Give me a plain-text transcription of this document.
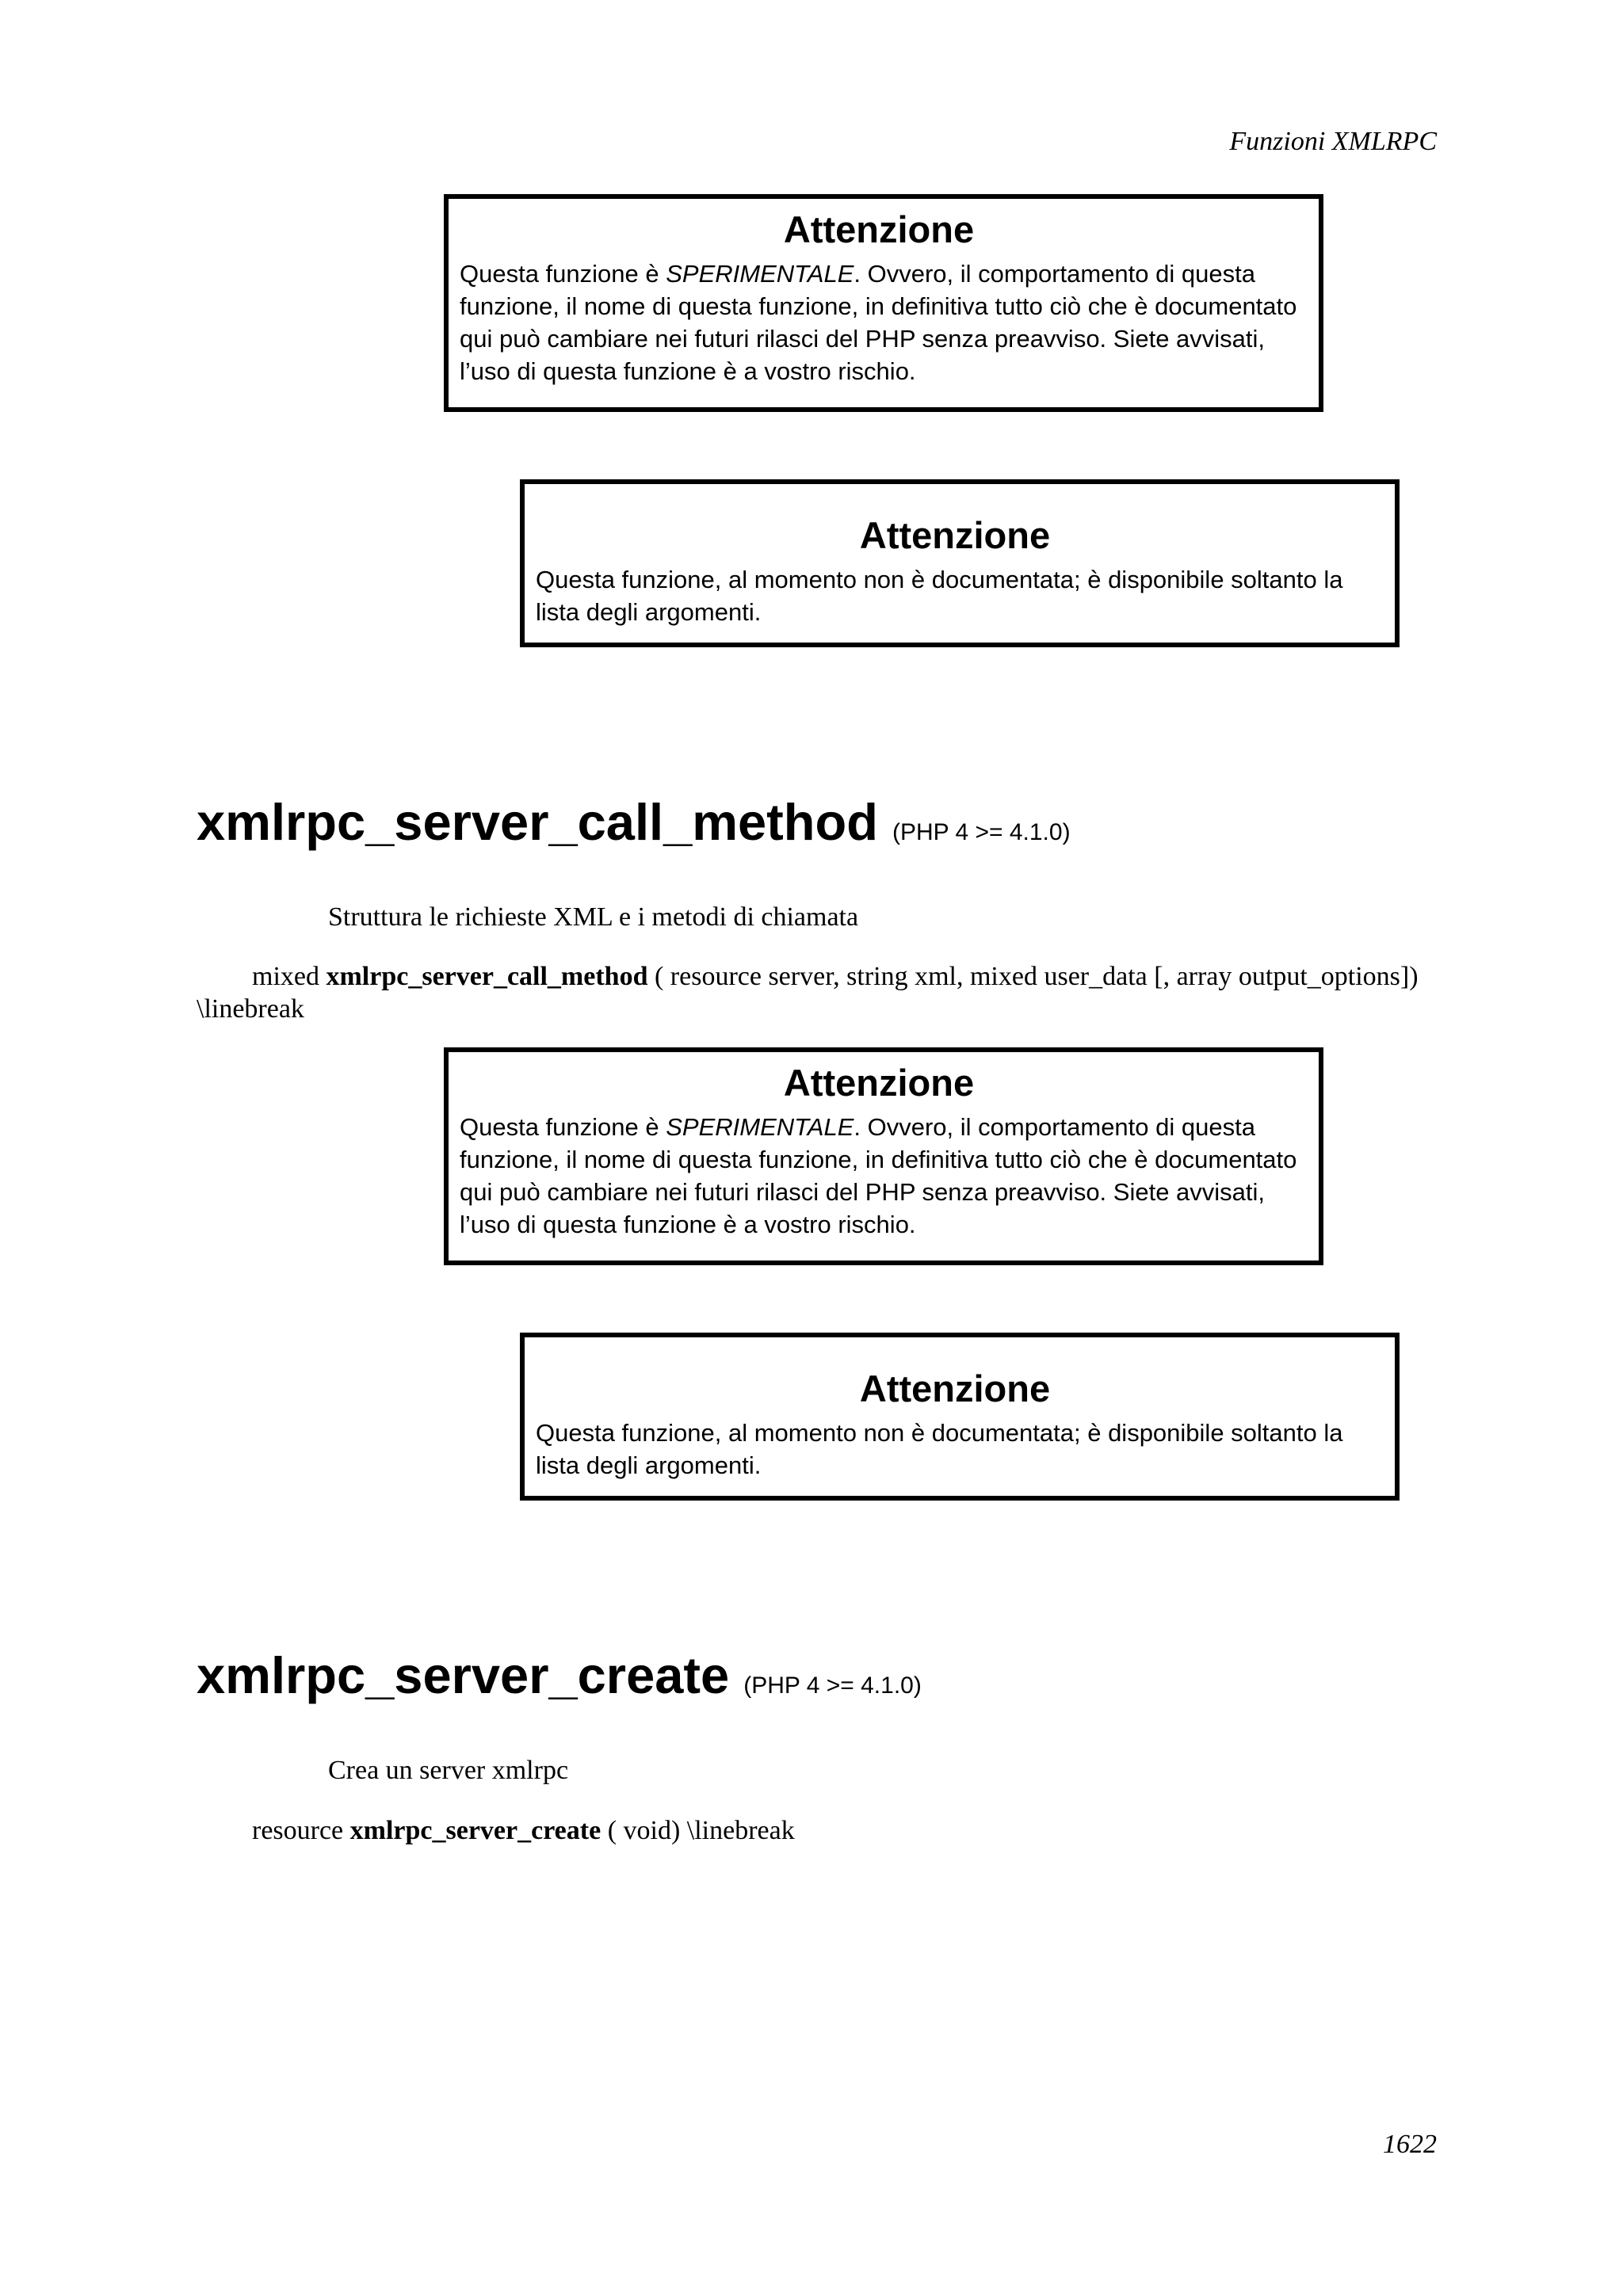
Funzioni XMLRPC
Attenzione

Questa funzione è SPERIMENTALE. Ovvero, il comportamento di questa funzione, il nome di questa funzione, in definitiva tutto ciò che è documentato qui può cambiare nei futuri rilasci del PHP senza preavviso. Siete avvisati, l’uso di questa funzione è a vostro rischio.

Attenzione

Questa funzione, al momento non è documentata; è disponibile soltanto la lista degli argomenti.

xmlrpc_server_call_method (PHP 4 >= 4.1.0)
Struttura le richieste XML e i metodi di chiamata
mixed xmlrpc_server_call_method ( resource server, string xml, mixed user_data [, array output_options])
\linebreak
Attenzione

Questa funzione è SPERIMENTALE. Ovvero, il comportamento di questa funzione, il nome di questa funzione, in definitiva tutto ciò che è documentato qui può cambiare nei futuri rilasci del PHP senza preavviso. Siete avvisati, l’uso di questa funzione è a vostro rischio.

Attenzione

Questa funzione, al momento non è documentata; è disponibile soltanto la lista degli argomenti.

xmlrpc_server_create (PHP 4 >= 4.1.0)
Crea un server xmlrpc
resource xmlrpc_server_create ( void) \linebreak
1622
